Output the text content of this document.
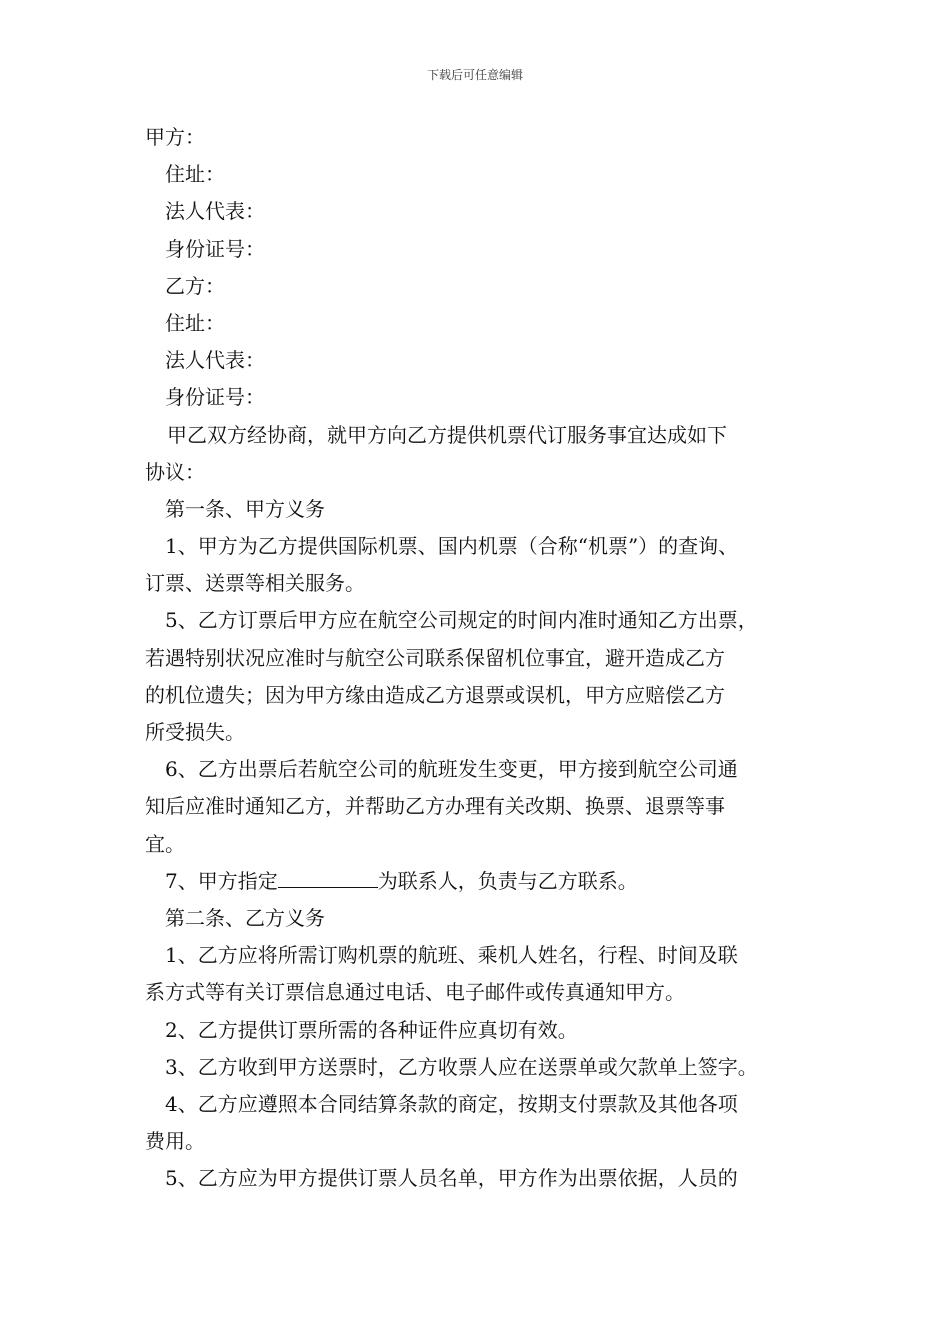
下载后可任意编辑
甲方：
住址：
法人代表：
身份证号：
乙方：
住址：
法人代表：
身份证号：
甲乙双方经协商，就甲方向乙方提供机票代订服务事宜达成如下
协议：
第一条、甲方义务
1、甲方为乙方提供国际机票、国内机票（合称“机票”）的查询、
订票、送票等相关服务。
5、乙方订票后甲方应在航空公司规定的时间内准时通知乙方出票，
若遇特别状况应准时与航空公司联系保留机位事宜，避开造成乙方
的机位遗失；因为甲方缘由造成乙方退票或误机，甲方应赔偿乙方
所受损失。
6、乙方出票后若航空公司的航班发生变更，甲方接到航空公司通
知后应准时通知乙方，并帮助乙方办理有关改期、换票、退票等事
宜。
7、甲方指定	为联系人，负责与乙方联系。
第二条、乙方义务
1、乙方应将所需订购机票的航班、乘机人姓名，行程、时间及联
系方式等有关订票信息通过电话、电子邮件或传真通知甲方。
2、乙方提供订票所需的各种证件应真切有效。
3、乙方收到甲方送票时，乙方收票人应在送票单或欠款单上签字。
4、乙方应遵照本合同结算条款的商定，按期支付票款及其他各项
费用。
5、乙方应为甲方提供订票人员名单，甲方作为出票依据，人员的
